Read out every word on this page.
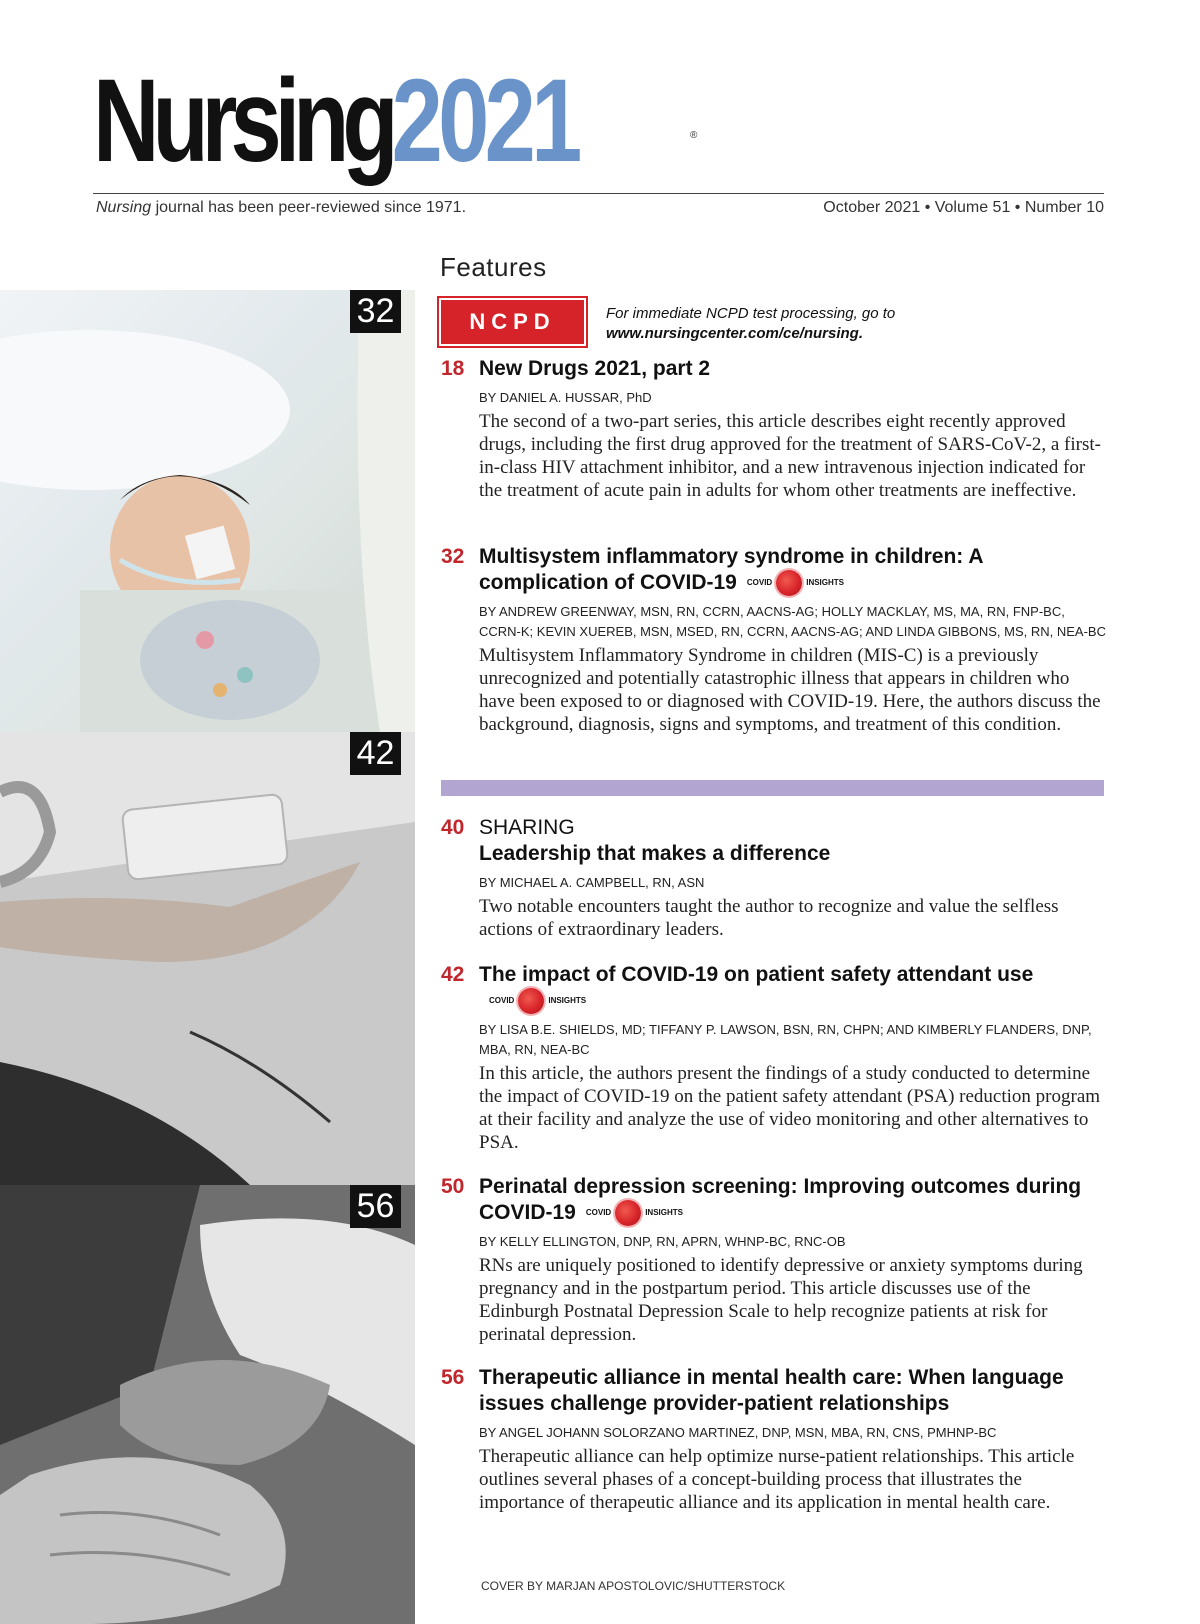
Nursing2021	®
Nursing journal has been peer-reviewed since 1971.	October 2021 • Volume 51 • Number 10
32
42
56
Features
NCPD	For immediate NCPD test processing, go to
www.nursingcenter.com/ce/nursing.
18 New Drugs 2021, part 2
BY DANIEL A. HUSSAR, PhD
The second of a two-part series, this article describes eight recently approved drugs, including the first drug approved for the treatment of SARS-CoV-2, a first-in-class HIV attachment inhibitor, and a new intravenous injection indicated for the treatment of acute pain in adults for whom other treatments are ineffective.
32 Multisystem inflammatory syndrome in children: A complication of COVID-19 COVID	INSIGHTS
BY ANDREW GREENWAY, MSN, RN, CCRN, AACNS-AG; HOLLY MACKLAY, MS, MA, RN, FNP-BC, CCRN-K; KEVIN XUEREB, MSN, MSED, RN, CCRN, AACNS-AG; AND LINDA GIBBONS, MS, RN, NEA-BC
Multisystem Inflammatory Syndrome in children (MIS-C) is a previously unrecognized and potentially catastrophic illness that appears in children who have been exposed to or diagnosed with COVID-19. Here, the authors discuss the background, diagnosis, signs and symptoms, and treatment of this condition.
40 SHARING
Leadership that makes a difference
BY MICHAEL A. CAMPBELL, RN, ASN
Two notable encounters taught the author to recognize and value the selfless actions of extraordinary leaders.
42 The impact of COVID-19 on patient safety attendant use
COVID	INSIGHTS
BY LISA B.E. SHIELDS, MD; TIFFANY P. LAWSON, BSN, RN, CHPN; AND KIMBERLY FLANDERS, DNP, MBA, RN, NEA-BC
In this article, the authors present the findings of a study conducted to determine the impact of COVID-19 on the patient safety attendant (PSA) reduction program at their facility and analyze the use of video monitoring and other alternatives to PSA.
50 Perinatal depression screening: Improving outcomes during COVID-19 COVID	INSIGHTS
BY KELLY ELLINGTON, DNP, RN, APRN, WHNP-BC, RNC-OB
RNs are uniquely positioned to identify depressive or anxiety symptoms during pregnancy and in the postpartum period. This article discusses use of the Edinburgh Postnatal Depression Scale to help recognize patients at risk for perinatal depression.
56 Therapeutic alliance in mental health care: When language issues challenge provider-patient relationships
BY ANGEL JOHANN SOLORZANO MARTINEZ, DNP, MSN, MBA, RN, CNS, PMHNP-BC
Therapeutic alliance can help optimize nurse-patient relationships. This article outlines several phases of a concept-building process that illustrates the importance of therapeutic alliance and its application in mental health care.
COVER BY MARJAN APOSTOLOVIC/SHUTTERSTOCK
